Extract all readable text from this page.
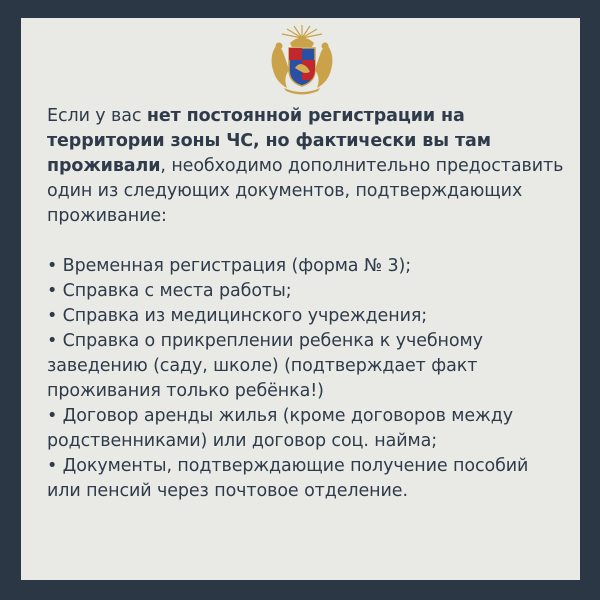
Если у вас нет постоянной регистрации на территории зоны ЧС, но фактически вы там проживали, необходимо дополнительно предоставить один из следующих документов, подтверждающих проживание:

• Временная регистрация (форма № 3);

• Справка с места работы;

• Справка из медицинского учреждения;

• Справка о прикреплении ребенка к учебному заведению (саду, школе) (подтверждает факт проживания только ребёнка!)

• Договор аренды жилья (кроме договоров между родственниками) или договор соц. найма;

• Документы, подтверждающие получение пособий или пенсий через почтовое отделение.
